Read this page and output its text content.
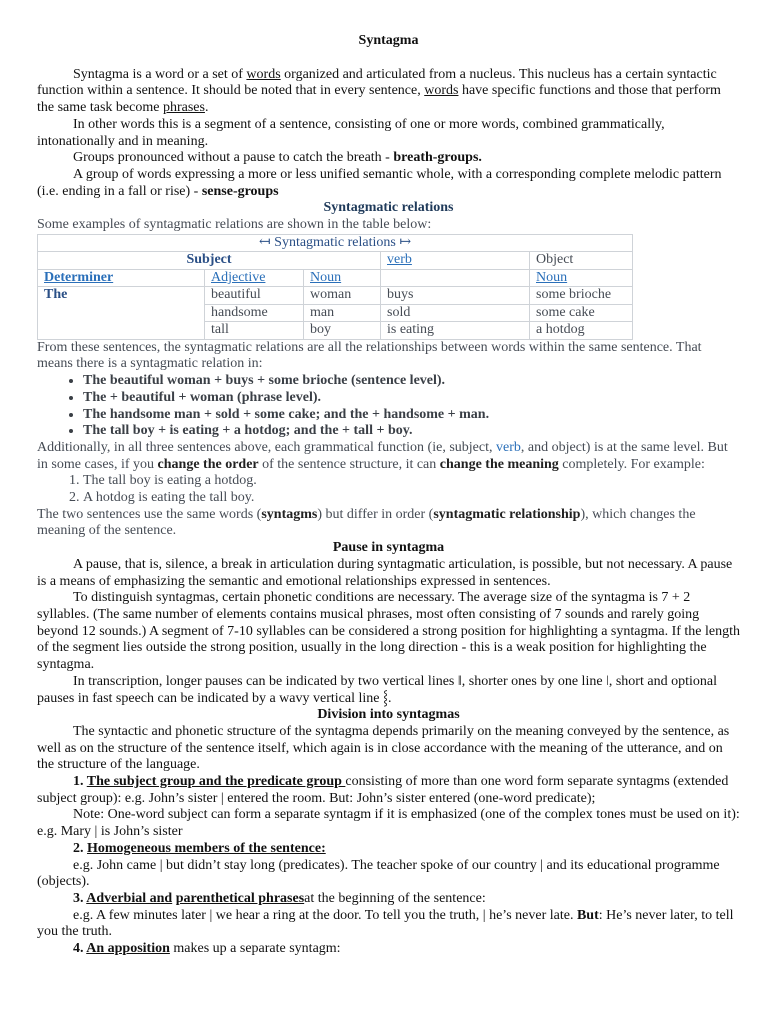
Syntagma

Syntagma is a word or a set of words organized and articulated from a nucleus. This nucleus has a certain syntactic function within a sentence. It should be noted that in every sentence, words have specific functions and those that perform the same task become phrases.

In other words this is a segment of a sentence, consisting of one or more words, combined grammatically, intonationally and in meaning.

Groups pronounced without a pause to catch the breath - breath-groups.

A group of words expressing a more or less unified semantic whole, with a corresponding complete melodic pattern (i.e. ending in a fall or rise) - sense-groups

Syntagmatic relations

Some examples of syntagmatic relations are shown in the table below:

↤ Syntagmatic relations ↦				
Subject			verb	Object
Determiner	Adjective	Noun		Noun
The	beautiful	woman	buys	some brioche
	handsome	man	sold	some cake
	tall	boy	is eating	a hotdog

From these sentences, the syntagmatic relations are all the relationships between words within the same sentence. That means there is a syntagmatic relation in:

• The beautiful woman + buys + some brioche (sentence level).
• The + beautiful + woman (phrase level).
• The handsome man + sold + some cake; and the + handsome + man.
• The tall boy + is eating + a hotdog; and the + tall + boy.

Additionally, in all three sentences above, each grammatical function (ie, subject, verb, and object) is at the same level. But in some cases, if you change the order of the sentence structure, it can change the meaning completely. For example:

1. The tall boy is eating a hotdog.
2. A hotdog is eating the tall boy.

The two sentences use the same words (syntagms) but differ in order (syntagmatic relationship), which changes the meaning of the sentence.

Pause in syntagma

A pause, that is, silence, a break in articulation during syntagmatic articulation, is possible, but not necessary. A pause is a means of emphasizing the semantic and emotional relationships expressed in sentences.

To distinguish syntagmas, certain phonetic conditions are necessary. The average size of the syntagma is 7 + 2 syllables. (The same number of elements contains musical phrases, most often consisting of 7 sounds and rarely going beyond 12 sounds.) A segment of 7-10 syllables can be considered a strong position for highlighting a syntagma. If the length of the segment lies outside the strong position, usually in the long direction - this is a weak position for highlighting the syntagma.

In transcription, longer pauses can be indicated by two vertical lines ǁ, shorter ones by one line ǀ, short and optional pauses in fast speech can be indicated by a wavy vertical line ⸾.

Division into syntagmas

The syntactic and phonetic structure of the syntagma depends primarily on the meaning conveyed by the sentence, as well as on the structure of the sentence itself, which again is in close accordance with the meaning of the utterance, and on the structure of the language.

1. The subject group and the predicate group consisting of more than one word form separate syntagms (extended subject group): e.g. John’s sister | entered the room. But: John’s sister entered (one-word predicate);

Note: One-word subject can form a separate syntagm if it is emphasized (one of the complex tones must be used on it): e.g. Mary | is John’s sister

2. Homogeneous members of the sentence:

e.g. John came | but didn’t stay long (predicates). The teacher spoke of our country | and its educational programme (objects).

3. Adverbial and parenthetical phrasesat the beginning of the sentence:

e.g. A few minutes later | we hear a ring at the door. To tell you the truth, | he’s never late. But: He’s never later, to tell you the truth.

4. An apposition makes up a separate syntagm:
